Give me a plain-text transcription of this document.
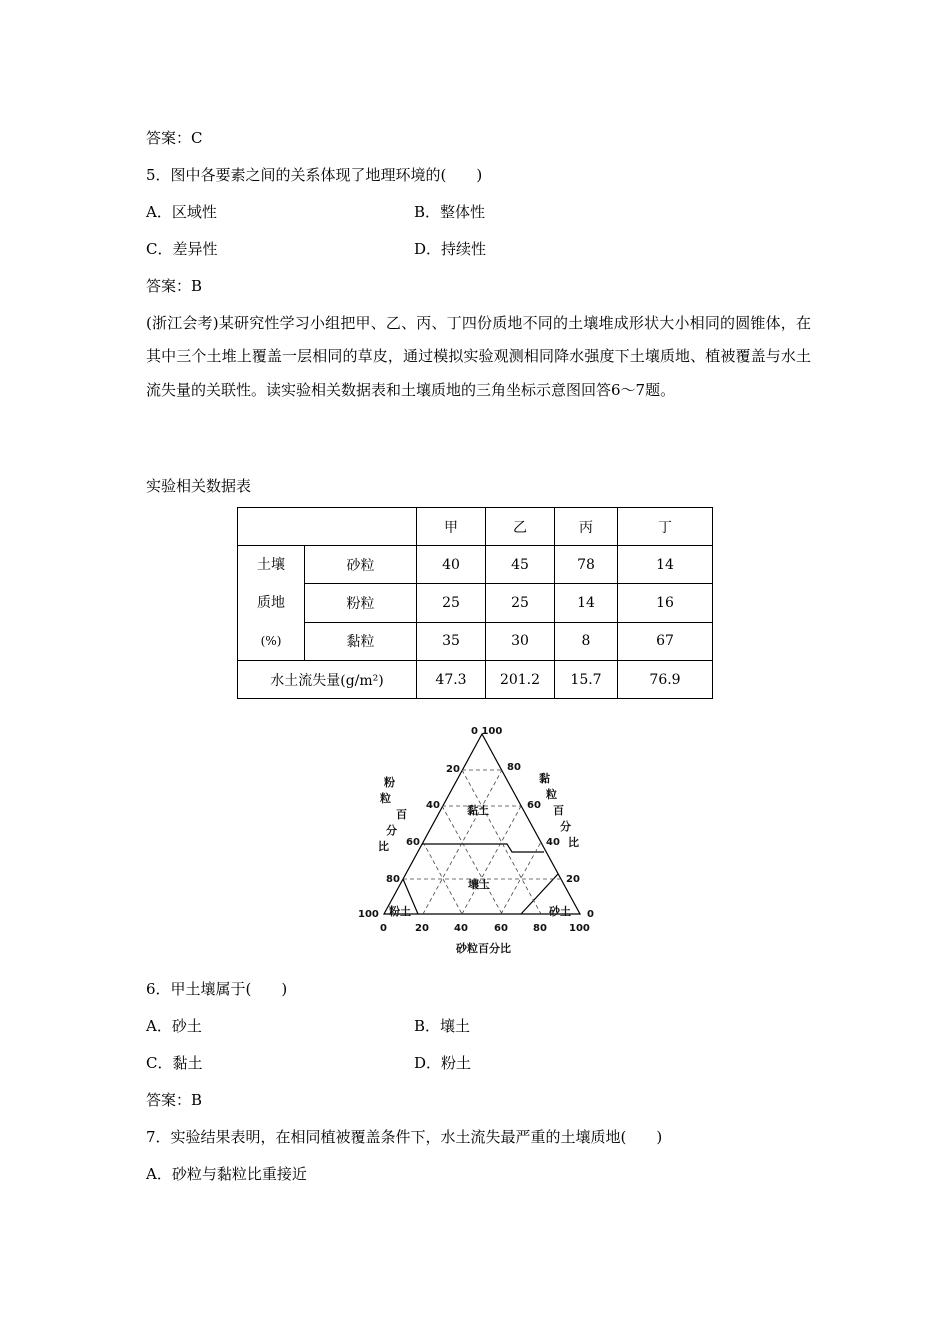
答案：C
5．图中各要素之间的关系体现了地理环境的(　　)
A．区域性	B．整体性
C．差异性	D．持续性
答案：B
(浙江会考)某研究性学习小组把甲、乙、丙、丁四份质地不同的土壤堆成形状大小相同的圆锥体，在其中三个土堆上覆盖一层相同的草皮，通过模拟实验观测相同降水强度下土壤质地、植被覆盖与水土流失量的关联性。读实验相关数据表和土壤质地的三角坐标示意图回答6～7题。
实验相关数据表
		甲	乙	丙	丁

土壤
质地
(%)	砂粒	40	45	78	14
	粉粒	25	25	14	16
	黏粒	35	30	8	67
水土流失量(g/m²)		47.3	201.2	15.7	76.9
0 100
0	20	40	60	80 100
20
40
60
80
100
80
60
40
20
0
粉
粒
百
分
比
黏
粒
百
分
比
砂粒百分比
黏土
壤土
粉土	砂土
6．甲土壤属于(　　)
A．砂土	B．壤土
C．黏土	D．粉土
答案：B
7．实验结果表明，在相同植被覆盖条件下，水土流失最严重的土壤质地(　　)
A．砂粒与黏粒比重接近
